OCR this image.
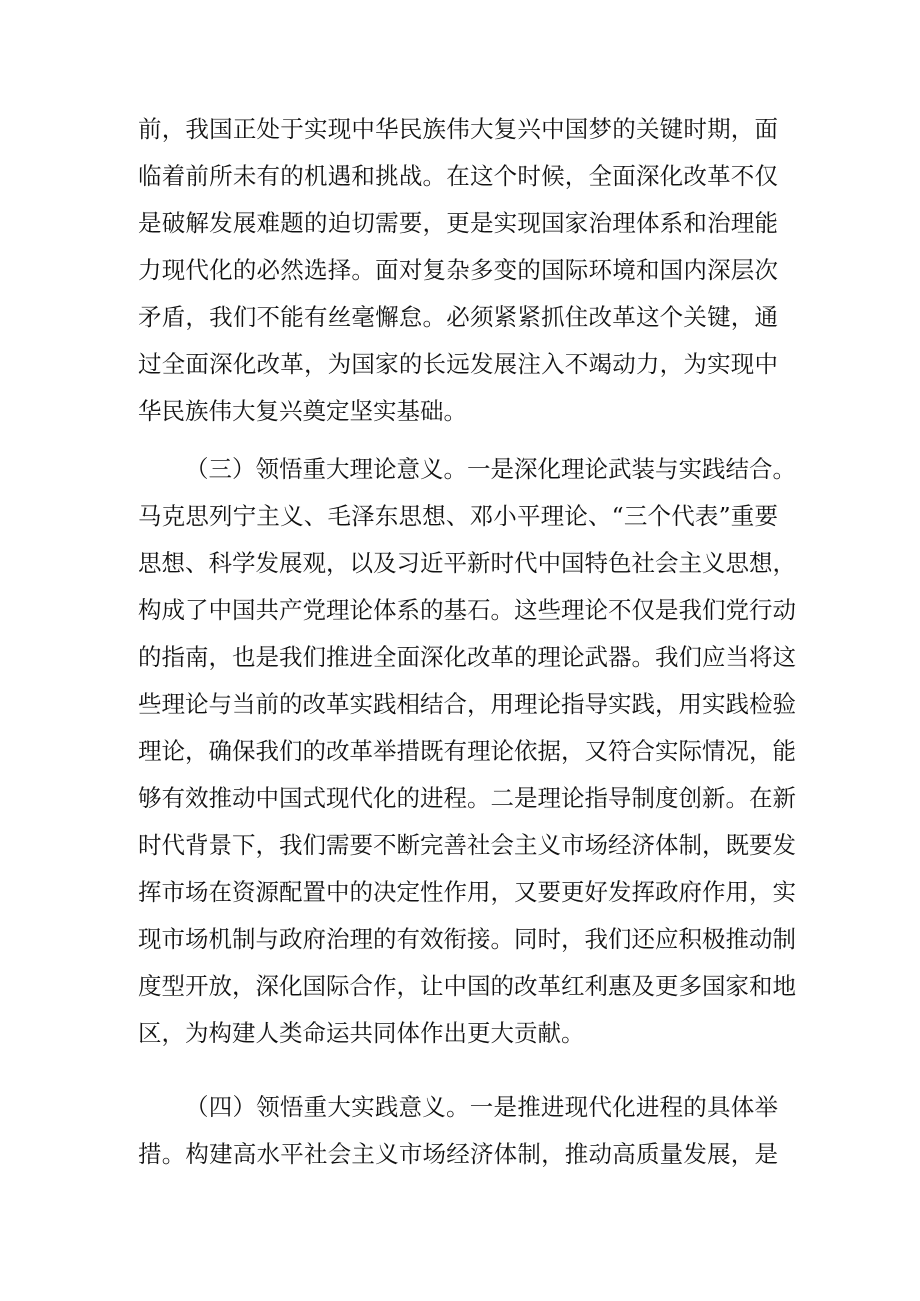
前，我国正处于实现中华民族伟大复兴中国梦的关键时期，面
临着前所未有的机遇和挑战。在这个时候，全面深化改革不仅
是破解发展难题的迫切需要，更是实现国家治理体系和治理能
力现代化的必然选择。面对复杂多变的国际环境和国内深层次
矛盾，我们不能有丝毫懈怠。必须紧紧抓住改革这个关键，通
过全面深化改革，为国家的长远发展注入不竭动力，为实现中
华民族伟大复兴奠定坚实基础。
（三）领悟重大理论意义。一是深化理论武装与实践结合。
马克思列宁主义、毛泽东思想、邓小平理论、“三个代表”重要
思想、科学发展观，以及习近平新时代中国特色社会主义思想，
构成了中国共产党理论体系的基石。这些理论不仅是我们党行动
的指南，也是我们推进全面深化改革的理论武器。我们应当将这
些理论与当前的改革实践相结合，用理论指导实践，用实践检验
理论，确保我们的改革举措既有理论依据，又符合实际情况，能
够有效推动中国式现代化的进程。二是理论指导制度创新。在新
时代背景下，我们需要不断完善社会主义市场经济体制，既要发
挥市场在资源配置中的决定性作用，又要更好发挥政府作用，实
现市场机制与政府治理的有效衔接。同时，我们还应积极推动制
度型开放，深化国际合作，让中国的改革红利惠及更多国家和地
区，为构建人类命运共同体作出更大贡献。
（四）领悟重大实践意义。一是推进现代化进程的具体举
措。构建高水平社会主义市场经济体制，推动高质量发展，是
